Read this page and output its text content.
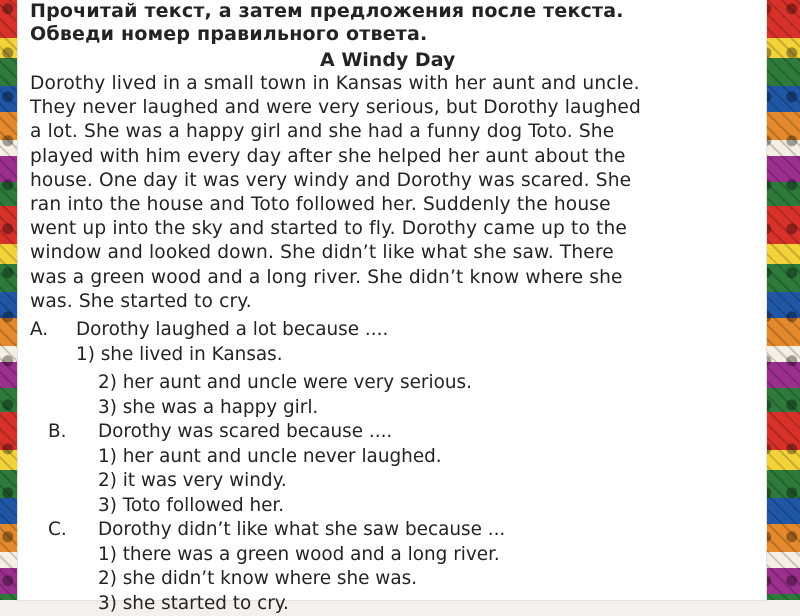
Прочитай текст, а затем предложения после текста.

Обведи номер правильного ответа.

A Windy Day

Dorothy lived in a small town in Kansas with her aunt and uncle.

They never laughed and were very serious, but Dorothy laughed

a lot. She was a happy girl and she had a funny dog Toto. She

played with him every day after she helped her aunt about the

house. One day it was very windy and Dorothy was scared. She

ran into the house and Toto followed her. Suddenly the house

went up into the sky and started to fly. Dorothy came up to the

window and looked down. She didn’t like what she saw. There

was a green wood and a long river. She didn’t know where she

was. She started to cry.

A.	Dorothy laughed a lot because ....

1) she lived in Kansas.

2) her aunt and uncle were very serious.

3) she was a happy girl.

B.	Dorothy was scared because ....

1) her aunt and uncle never laughed.

2) it was very windy.

3) Toto followed her.

C.	Dorothy didn’t like what she saw because ...

1) there was a green wood and a long river.

2) she didn’t know where she was.

3) she started to cry.
